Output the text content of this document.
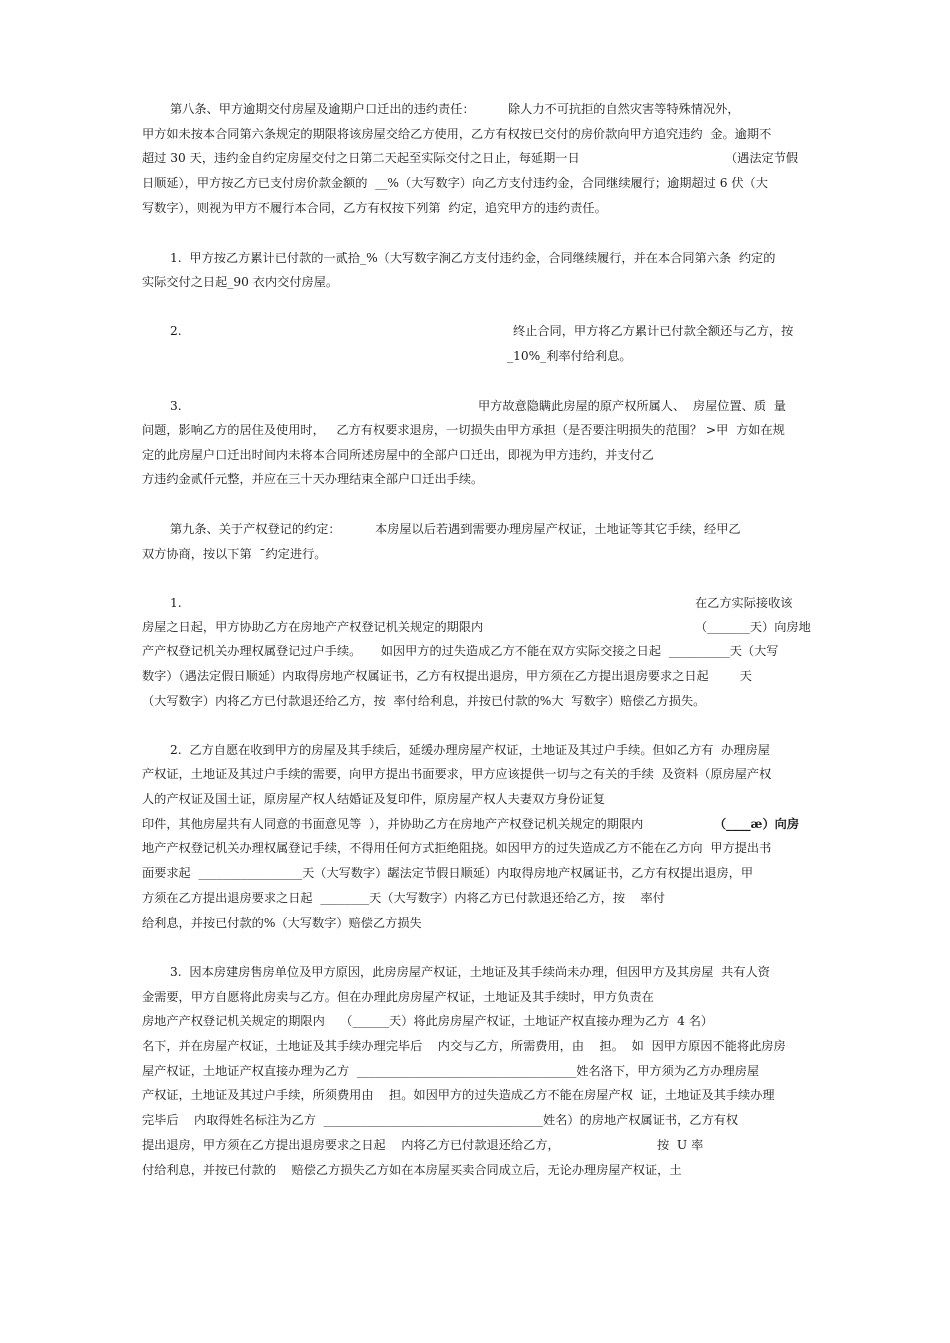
第八条、甲方逾期交付房屋及逾期户口迁出的违约责任：	除人力不可抗拒的自然灾害等特殊情况外，

甲方如未按本合同第六条规定的期限将该房屋交给乙方使用，乙方有权按已交付的房价款向甲方追究违约  金。逾期不

超过 30 天，违约金自约定房屋交付之日第二天起至实际交付之日止，每延期一日	（遇法定节假

日顺延），甲方按乙方已支付房价款金额的  __%（大写数字）向乙方支付违约金，合同继续履行；逾期超过 6 伏（大

写数字），则视为甲方不履行本合同，乙方有权按下列第  约定，追究甲方的违约责任。

1.  甲方按乙方累计已付款的一贰拾_%（大写数字涧乙方支付违约金，合同继续履行，并在本合同第六条  约定的

实际交付之日起_90 衣内交付房屋。

2.	终止合同，甲方将乙方累计已付款全额还与乙方，按

_10%_利率付给利息。

3.	甲方故意隐瞒此房屋的原产权所属人、  房屋位置、质  量

问题，影响乙方的居住及使用时，   乙方有权要求退房，一切损失由甲方承担（是否要注明损失的范围？ >甲  方如在规

定的此房屋户口迁出时间内未将本合同所述房屋中的全部户口迁出，即视为甲方违约，并支付乙

方违约金贰仟元整，并应在三十天办理结束全部户口迁出手续。

第九条、关于产权登记的约定：	本房屋以后若遇到需要办理房屋产权证，土地证等其它手续，经甲乙

双方协商，按以下第  ˉ约定进行。

1.	在乙方实际接收该

房屋之日起，甲方协助乙方在房地产产权登记机关规定的期限内	（_______天）向房地

产产权登记机关办理权属登记过户手续。     如因甲方的过失造成乙方不能在双方实际交接之日起  __________天（大写

数字）（遇法定假日顺延）内取得房地产权属证书，乙方有权提出退房，甲方须在乙方提出退房要求之日起        天

（大写数字）内将乙方已付款退还给乙方，按  率付给利息，并按已付款的%大  写数字）赔偿乙方损失。

2.  乙方自愿在收到甲方的房屋及其手续后，延缓办理房屋产权证，土地证及其过户手续。但如乙方有  办理房屋

产权证，土地证及其过户手续的需要，向甲方提出书面要求，甲方应该提供一切与之有关的手续  及资料（原房屋产权

人的产权证及国土证，原房屋产权人结婚证及复印件，原房屋产权人夫妻双方身份证复

印件，其他房屋共有人同意的书面意见等  ），并协助乙方在房地产产权登记机关规定的期限内	（____æ）向房

地产产权登记机关办理权属登记手续，不得用任何方式拒绝阻挠。如因甲方的过失造成乙方不能在乙方向  甲方提出书

面要求起  _________________天（大写数字）龌法定节假日顺延）内取得房地产权属证书，乙方有权提出退房，甲

方须在乙方提出退房要求之日起  ________天（大写数字）内将乙方已付款退还给乙方，按    率付

给利息，并按已付款的%（大写数字）赔偿乙方损失

3.  因本房建房售房单位及甲方原因，此房房屋产权证，土地证及其手续尚未办理，但因甲方及其房屋  共有人资

金需要，甲方自愿将此房卖与乙方。但在办理此房房屋产权证，土地证及其手续时，甲方负责在

房地产产权登记机关规定的期限内    （______天）将此房房屋产权证，土地证产权直接办理为乙方  4 名）

名下，并在房屋产权证，土地证及其手续办理完毕后    内交与乙方，所需费用，由    担。  如  因甲方原因不能将此房房

屋产权证，土地证产权直接办理为乙方  ____________________________________姓名洛下，甲方须为乙方办理房屋

产权证，土地证及其过户手续，所须费用由    担。如因甲方的过失造成乙方不能在房屋产权  证，土地证及其手续办理

完毕后    内取得姓名标注为乙方  ____________________________________姓名）的房地产权属证书，乙方有权

提出退房，甲方须在乙方提出退房要求之日起    内将乙方已付款退还给乙方，	按  U 率

付给利息，并按已付款的    赔偿乙方损失乙方如在本房屋买卖合同成立后，无论办理房屋产权证，土
